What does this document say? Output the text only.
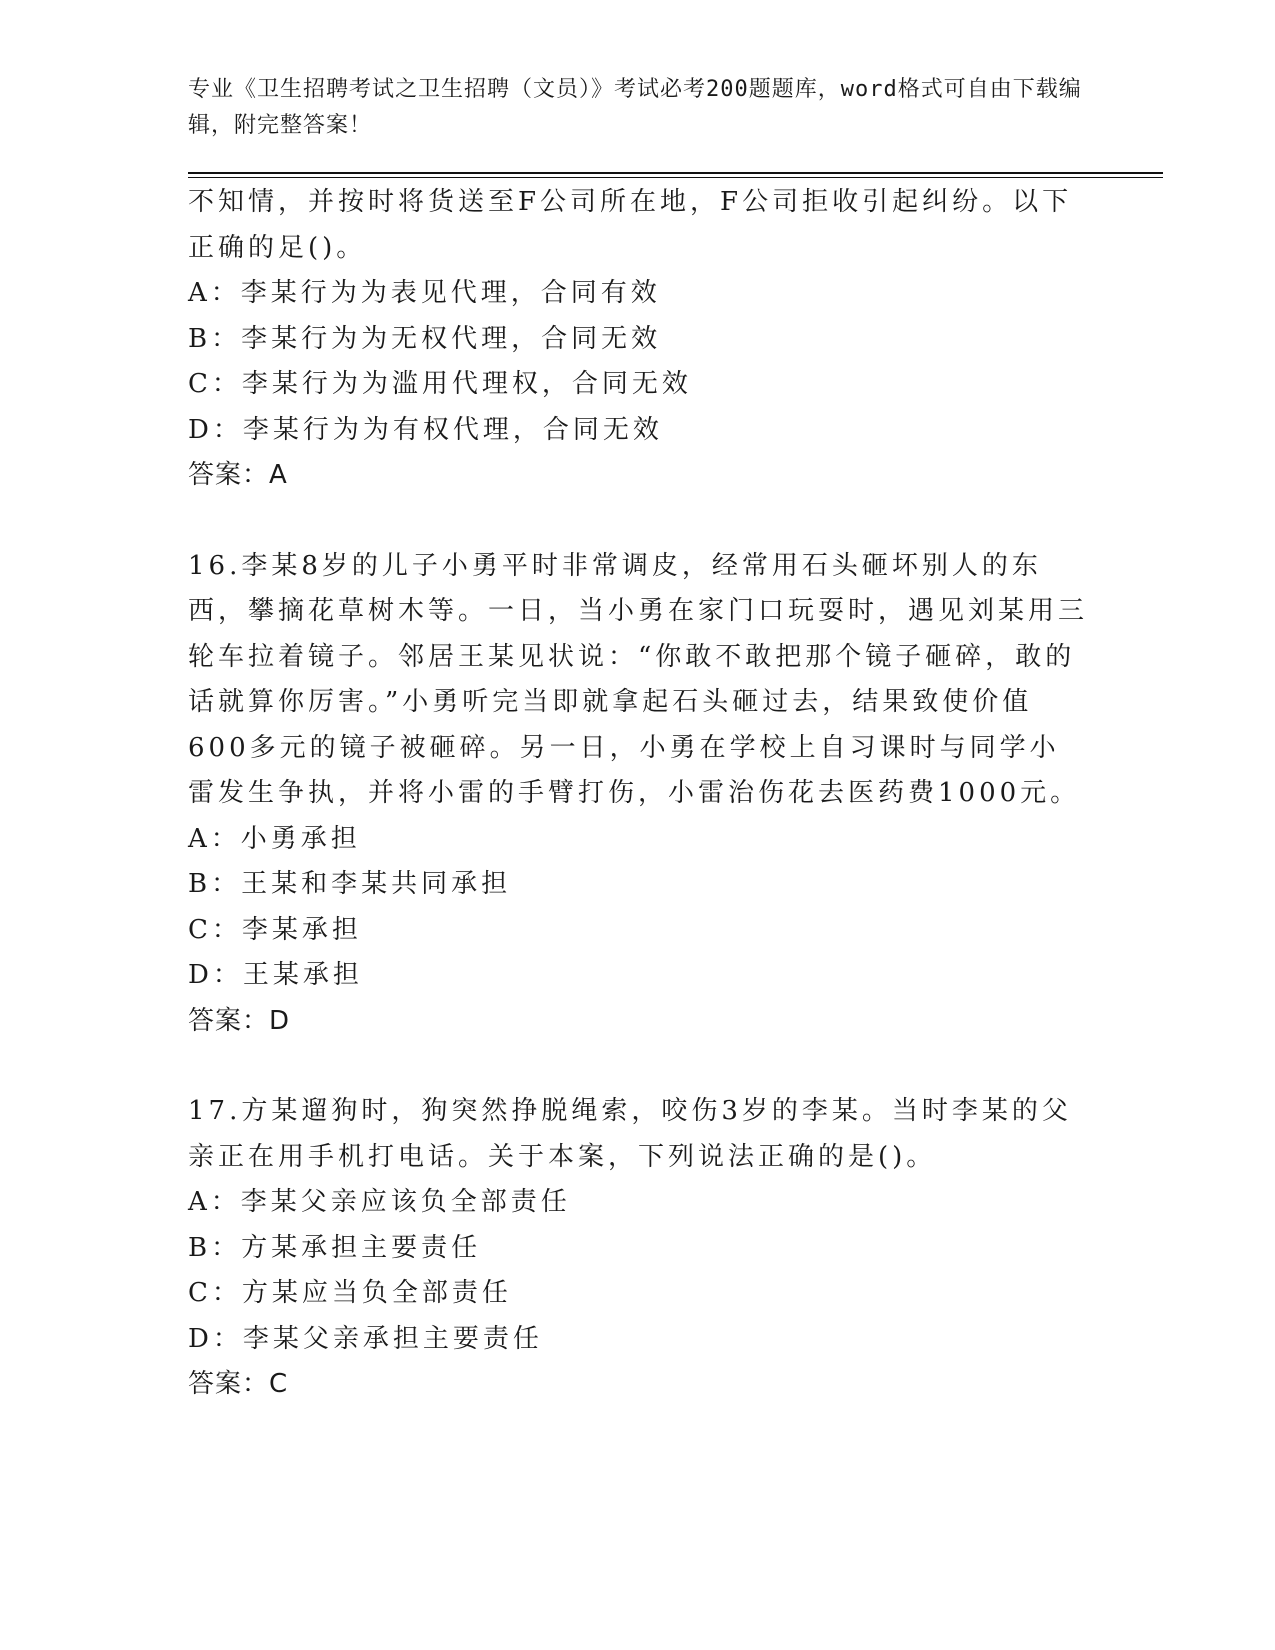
专业《卫生招聘考试之卫生招聘（文员）》考试必考200题题库，word格式可自由下载编辑，附完整答案！

不知情，并按时将货送至F公司所在地，F公司拒收引起纠纷。以下正确的足()。

A：李某行为为表见代理，合同有效

B：李某行为为无权代理，合同无效

C：李某行为为滥用代理权，合同无效

D：李某行为为有权代理，合同无效

答案：A

16.李某8岁的儿子小勇平时非常调皮，经常用石头砸坏别人的东西，攀摘花草树木等。一日，当小勇在家门口玩耍时，遇见刘某用三轮车拉着镜子。邻居王某见状说：“你敢不敢把那个镜子砸碎，敢的话就算你厉害。”小勇听完当即就拿起石头砸过去，结果致使价值600多元的镜子被砸碎。另一日，小勇在学校上自习课时与同学小雷发生争执，并将小雷的手臂打伤，小雷治伤花去医药费1000元。

A：小勇承担

B：王某和李某共同承担

C：李某承担

D：王某承担

答案：D

17.方某遛狗时，狗突然挣脱绳索，咬伤3岁的李某。当时李某的父亲正在用手机打电话。关于本案，下列说法正确的是()。

A：李某父亲应该负全部责任

B：方某承担主要责任

C：方某应当负全部责任

D：李某父亲承担主要责任

答案：C
